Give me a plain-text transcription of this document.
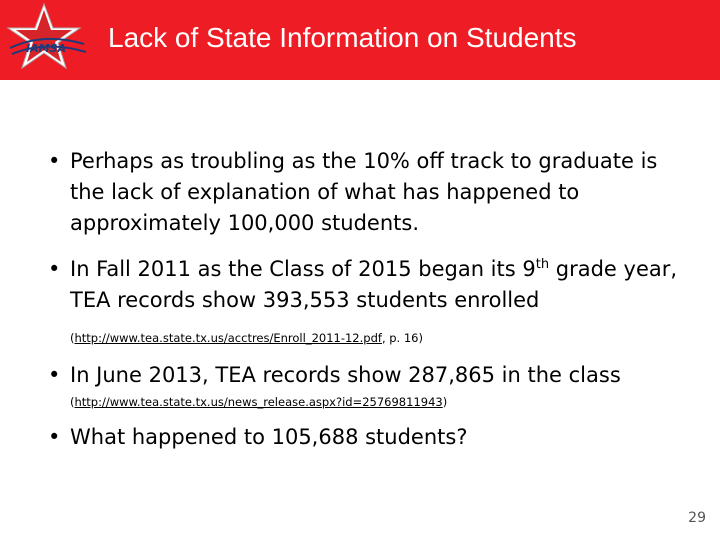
IAMSA Lack of State Information on Students
• Perhaps as troubling as the 10% off track to graduate is the lack of explanation of what has happened to approximately 100,000 students.
• In Fall 2011 as the Class of 2015 began its 9th grade year, TEA records show 393,553 students enrolled
(http://www.tea.state.tx.us/acctres/Enroll_2011-12.pdf, p. 16)
• In June 2013, TEA records show 287,865 in the class
(http://www.tea.state.tx.us/news_release.aspx?id=25769811943)
• What happened to 105,688 students?
29
